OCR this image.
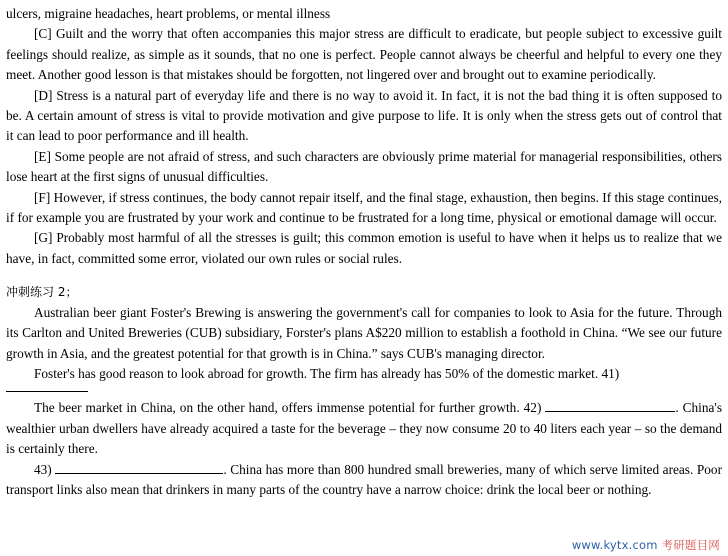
ulcers, migraine headaches, heart problems, or mental illness

[C] Guilt and the worry that often accompanies this major stress are difficult to eradicate, but people subject to excessive guilt feelings should realize, as simple as it sounds, that no one is perfect. People cannot always be cheerful and helpful to every one they meet. Another good lesson is that mistakes should be forgotten, not lingered over and brought out to examine periodically.

[D] Stress is a natural part of everyday life and there is no way to avoid it. In fact, it is not the bad thing it is often supposed to be. A certain amount of stress is vital to provide motivation and give purpose to life. It is only when the stress gets out of control that it can lead to poor performance and ill health.

[E] Some people are not afraid of stress, and such characters are obviously prime material for managerial responsibilities, others lose heart at the first signs of unusual difficulties.

[F] However, if stress continues, the body cannot repair itself, and the final stage, exhaustion, then begins. If this stage continues, if for example you are frustrated by your work and continue to be frustrated for a long time, physical or emotional damage will occur.

[G] Probably most harmful of all the stresses is guilt; this common emotion is useful to have when it helps us to realize that we have, in fact, committed some error, violated our own rules or social rules.

冲刺练习 2；

Australian beer giant Foster's Brewing is answering the government's call for companies to look to Asia for the future. Through its Carlton and United Breweries (CUB) subsidiary, Forster's plans A$220 million to establish a foothold in China. “We see our future growth in Asia, and the greatest potential for that growth is in China.” says CUB's managing director.

Foster's has good reason to look abroad for growth. The firm has already has 50% of the domestic market. 41)

The beer market in China, on the other hand, offers immense potential for further growth. 42)	. China's wealthier urban dwellers have already acquired a taste for the beverage – they now consume 20 to 40 liters each year – so the demand is certainly there.

43)	. China has more than 800 hundred small breweries, many of which serve limited areas. Poor transport links also mean that drinkers in many parts of the country have a narrow choice: drink the local beer or nothing.

www.kytx.com 考研题目网
